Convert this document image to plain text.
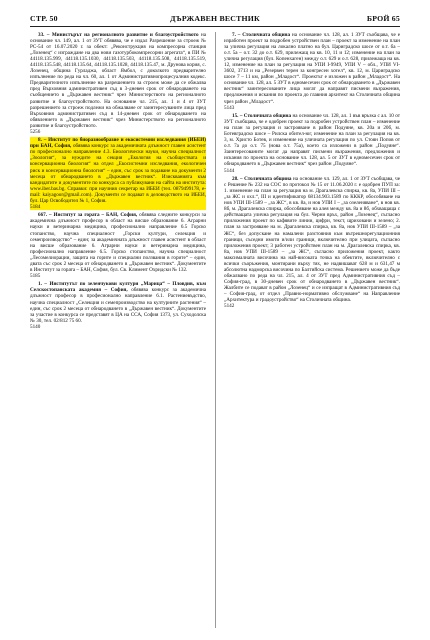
СТР. 50	ДЪРЖАВЕН ВЕСТНИК	БРОЙ 65
33. – Министърът на регионалното развитие и благоустройството на основание чл. 149, ал. 1 от ЗУТ обявява, че е издал Разрешение за строеж № РС-54 от 16.07.2020 г. за обект: „Реконструкция на компресорна станция „Лозенец“ с изграждане на два нови газотурбокомпресорни агрегата“, в ПИ № 44118.135.999, 44118.135.1030, 44118.135.503, 44118.135.508, 44118.135.519, 44118.135.548, 44118.135.64, 44118.135.1028, 44118.135.47, м. Друнова кория, с. Лозенец, община Гурладжа, област Ямбол, с доколкото предварително изпълнение по реда на чл. 60, ал. 1 от Административнопроцесуалния кодекс. Предварителното изпълнение на разрешението за строеж може да се обжалва пред Върховния административен съд в 3-дневен срок от обнародването на съобщението в „Държавен вестник“ чрез Министерството на регионалното развитие и благоустройството. На основание чл. 215, ал. 1 и 4 от ЗУТ разрешението за строеж подлежи на обжалване от заинтересуваните лица пред Върховния административен съд в 14-дневен срок от обнародването на обявлението в „Държавен вестник“ чрез Министерството на регионалното развитие и благоустройството.
5256
8. – Институт по биоразнообразие и екосистемни изследвания (ИБЕИ) при БАН, София, обявява конкурс за академичната длъжност главен асистент по професионално направление 4.3. Биологически науки, научна специалност „Зоология“, за нуждите на секция „Екология на съобществата и консервационна биология“ на отдел „Екосистемни изследвания, екологичен риск и консервационна биология“ – един, със срок за подаване на документи 2 месеца от обнародването в „Държавен вестник“. Изискванията към кандидатите и документите по конкурса са публикувани на сайта на института: www.iber.bas.bg. Справки: при научния секретар на ИБЕИ (тел. 0879499178, e-mail: kaiyagoor@gmail.com). Документи се подават в деловодството на ИБЕИ, бул. Цар Освободител № 1, София.
5184
667. – Институт за гората – БАН, София, обявява следните конкурси за академична длъжност професор в област на висше образование 6. Аграрни науки и ветеринарна медицина, професионално направление 6.5 Горско стопанство, научна специалност „Горски култури, селекция и семепроизводство“ – един; за академичната длъжност главен асистент в област на висше образование 6. Аграрни науки и ветеринарна медицина, професионално направление 6.5. Горско стопанство, научна специалност „Лесомелиорации, защита на горите и специални ползвания в горите“ – един, двата със срок 2 месеца от обнародването в „Държавен вестник“. Документите в Институт за гората – БАН, София, бул. Св. Климент Охридски № 132.
5185
1. – Институтът по зеленчукови култури „Марица“ – Пловдив, към Селскостопанската академия – София, обявява конкурс за академична длъжност професор в професионално направление 6.1. Растениевъдство, научна специалност „Селекция и семепроизводство на културните растения“ – един, със срок 2 месеца от обнародването в „Държавен вестник“. Документите за участие в конкурса се представят в ЦА на ССА, София 1373, ул. Суходолска № 30, тел. 02/812 75 60.
5140
7. – Столичната община на основание чл. 128, ал. 1 ЗУТ съобщава, че е изработен проект за подробен устройствен план – проект за изменение на план за улична регулация на локално платно на бул. Цариградско шосе от о.т. ба – о.т. 5а – о.т. 32 до о.т. 629, прилежащ на кв. 10, 11 и 12; изменение на план за улична регулация (бул. Копенхаген) между о.т. 629 и о.т. 628, прилежаща на кв. 12, изменение на план за регулация на УПИ I-9949, УПИ V – обл., УПИ VI-3602, 3713 и на „Резервен терен за конгресен хотел“, кв. 12, м. Цариградско шосе 7 – 11 км, район „Младост“. Проектът е изложен в район „Младост“. На основание чл. 128, ал. 5 ЗУТ в едномесечен срок от обнародването в „Държавен вестник“ заинтересованите лица могат да направят писмени възражения, предложения и искания по проекта до главния архитект на Столичната община чрез район „Младост“.
5143
15. – Столичната община на основание чл. 128, ал. 1 във връзка с ал. 10 от ЗУТ съобщава, че е одобрен проект за подробен устройствен план – изменение на план за регулация и застрояване в район Подуяне, кв. 20а и 20б, м. Ботевградско шосе – Рилска обител-юг, изменение на план за регулация на кв. 3, м. Христо Ботев, и изменение на уличната регулация по ул. Стоян Попов от о.т. 7а до о.т. 75 (нова о.т. 75а), което са изложени в район „Подуяне“. Заинтересованите могат да направят писмени възражения, предложения и искания по проекта на основание чл. 128, ал. 5 от ЗУТ в едномесечен срок от обнародването в „Държавен вестник“ чрез район „Подуяне“.
5144
28. – Столичната община на основание чл. 129, ал. 1 от ЗУТ съобщава, че с Решение № 232 на СОС по протокол № 15 от 11.06.2020 г. е одобрен ПУП за: 1. изменение на план за регулация на м. Драгалевска спирка, кв. 8а, УПИ III – „за ЖС и охл.“, III и идентификатор 68134.903.1589 по КККР, обособяване на нов УПИ III-1589 – „за ЖС“, в кв. 8а, и нов УПИ I – „за озеленяване“, в нов кв. 8б, м. Драгалевска спирка, обособяване на алея между кв. 8а и 8б, обхващаща с действащата улична регулация на бул. Черни връх, район „Лозенец“, съгласно приложения проект по кафявите линии, цифри, текст, щриховани и зелено; 2. план за застрояване на м. Драгалевска спирка, кв. 8а, нов УПИ III-1589 – „за ЖС“, без допускане на намалени разстояния към вътрешнорегулационния граници, съседни имоти и/или граници, включително при улицата, съгласно приложения проект; 3 работен устройствен план на м. Драгалевска спирка, кв. 8а, нов УПИ III-1589 – „за ЖС“, съгласно приложения проект, както максималната височина на най-високата точка на обектите, включително с всички съоръжения, монтирани върху тях, не надвишават 628 м и 631,47 м абсолютна надморска височина по Балтийска система. Решението може да бъде обжалвано по реда на чл. 215, ал. 4 от ЗУТ пред Административния съд – София-град, в 30-дневен срок от обнародването в „Държавен вестник“. Жалбите се подават в район „Лозенец“ и се изпращат в Административния съд – София-град, от отдел „Правно-нормативно обслужване“ на Направление „Архитектура и градоустройство“ на Столичната община.
5142
